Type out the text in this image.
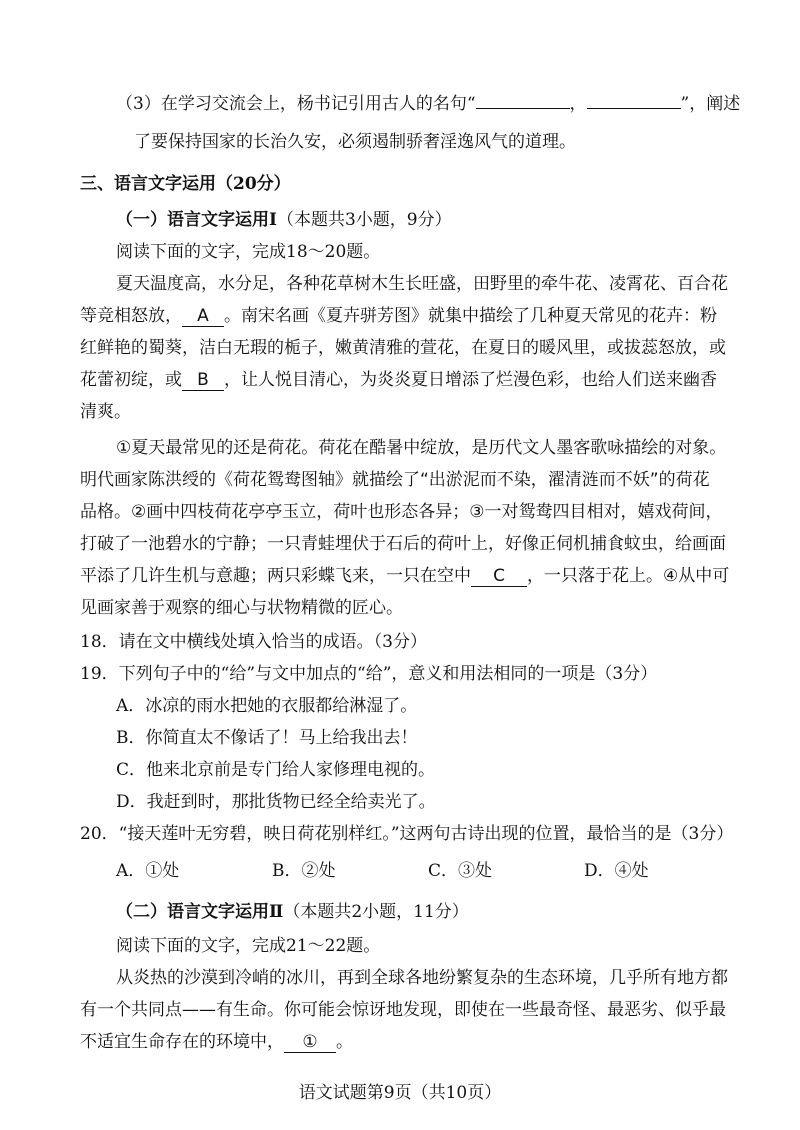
（3）在学习交流会上，杨书记引用古人的名句“	，	”，阐述
了要保持国家的长治久安，必须遏制骄奢淫逸风气的道理。
三、语言文字运用（20分）
（一）语言文字运用Ⅰ（本题共3小题，9分）
阅读下面的文字，完成18～20题。
夏天温度高，水分足，各种花草树木生长旺盛，田野里的牵牛花、凌霄花、百合花
等竞相怒放， A 。南宋名画《夏卉骈芳图》就集中描绘了几种夏天常见的花卉：粉
红鲜艳的蜀葵，洁白无瑕的栀子，嫩黄清雅的萱花，在夏日的暖风里，或拔蕊怒放，或
花蕾初绽，或 B ，让人悦目清心，为炎炎夏日增添了烂漫色彩，也给人们送来幽香
清爽。
①夏天最常见的还是荷花。荷花在酷暑中绽放，是历代文人墨客歌咏描绘的对象。
明代画家陈洪绶的《荷花鸳鸯图轴》就描绘了“出淤泥而不染，濯清涟而不妖”的荷花
品格。②画中四枝荷花亭亭玉立，荷叶也形态各异；③一对鸳鸯四目相对，嬉戏荷间，
打破了一池碧水的宁静；一只青蛙埋伏于石后的荷叶上，好像正伺机捕食蚊虫，给画面
平添了几许生机与意趣；两只彩蝶飞来，一只在空中 C ，一只落于花上。④从中可
见画家善于观察的细心与状物精微的匠心。
18．请在文中横线处填入恰当的成语。（3分）
19．下列句子中的“给”与文中加点的“给”，意义和用法相同的一项是（3分）
A．冰凉的雨水把她的衣服都给淋湿了。
B．你简直太不像话了！马上给我出去！
C．他来北京前是专门给人家修理电视的。
D．我赶到时，那批货物已经全给卖光了。
20．“接天莲叶无穷碧，映日荷花别样红。”这两句古诗出现的位置，最恰当的是（3分）
A．①处	B．②处	C．③处	D．④处
（二）语言文字运用Ⅱ（本题共2小题，11分）
阅读下面的文字，完成21～22题。
从炎热的沙漠到冷峭的冰川，再到全球各地纷繁复杂的生态环境，几乎所有地方都
有一个共同点——有生命。你可能会惊讶地发现，即使在一些最奇怪、最恶劣、似乎最
不适宜生命存在的环境中， ① 。
语文试题第9页（共10页）
